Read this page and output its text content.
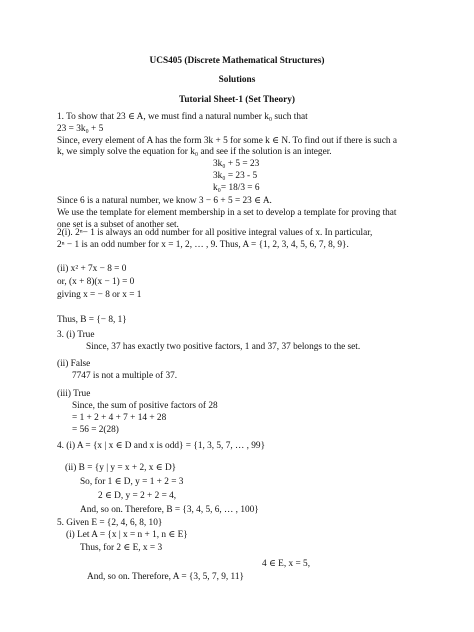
UCS405 (Discrete Mathematical Structures)
Solutions
Tutorial Sheet-1 (Set Theory)
1. To show that 23 ∈ A, we must find a natural number k₀ such that
23 = 3k₀ + 5
Since, every element of A has the form 3k + 5 for some k ∈ N. To find out if there is such a
k, we simply solve the equation for k₀ and see if the solution is an integer.
3k₀ + 5 = 23
3k₀ = 23 - 5
k₀= 18/3 = 6
Since 6 is a natural number, we know 3 − 6 + 5 = 23 ∈ A.
We use the template for element membership in a set to develop a template for proving that
one set is a subset of another set.
2(i). 2ⁿ− 1 is always an odd number for all positive integral values of x. In particular,
2ⁿ − 1 is an odd number for x = 1, 2, … , 9. Thus, A = {1, 2, 3, 4, 5, 6, 7, 8, 9}.
(ii) x² + 7x − 8 = 0
or, (x + 8)(x − 1) = 0
giving x = − 8 or x = 1
Thus, B = {− 8, 1}
3. (i) True
Since, 37 has exactly two positive factors, 1 and 37, 37 belongs to the set.
(ii) False
7747 is not a multiple of 37.
(iii) True
Since, the sum of positive factors of 28
= 1 + 2 + 4 + 7 + 14 + 28
= 56 = 2(28)
4. (i) A = {x | x ∈ D and x is odd} = {1, 3, 5, 7, … , 99}
(ii) B = {y | y = x + 2, x ∈ D}
So, for 1 ∈ D, y = 1 + 2 = 3
2 ∈ D, y = 2 + 2 = 4,
And, so on. Therefore, B = {3, 4, 5, 6, … , 100}
5. Given E = {2, 4, 6, 8, 10}
(i) Let A = {x | x = n + 1, n ∈ E}
Thus, for 2 ∈ E, x = 3
4 ∈ E, x = 5,
And, so on. Therefore, A = {3, 5, 7, 9, 11}
